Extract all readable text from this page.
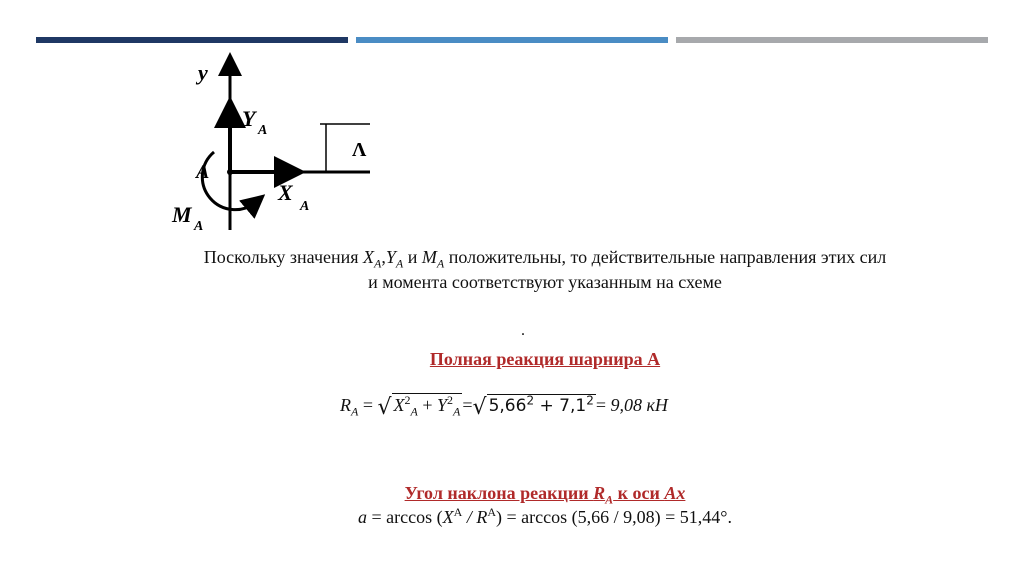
y
Y A
A
X
A
M A
Λ
Поскольку значения $X_A,Y_A$ и $M_A$ положительны, то действительные направления этих сил
и момента соответствуют указанным на схеме
.
Полная реакция шарнира А
$R_A$ = √ $X^2_A + Y^2_A$ =√ $5,66^2 + 7,1^2 = 9,08$ кН
Угол наклона реакции $R_A$ к оси Ax
$a = \arccos (X^A / R^A) = \arccos (5,66 / 9,08) = 51,44^\circ$.
